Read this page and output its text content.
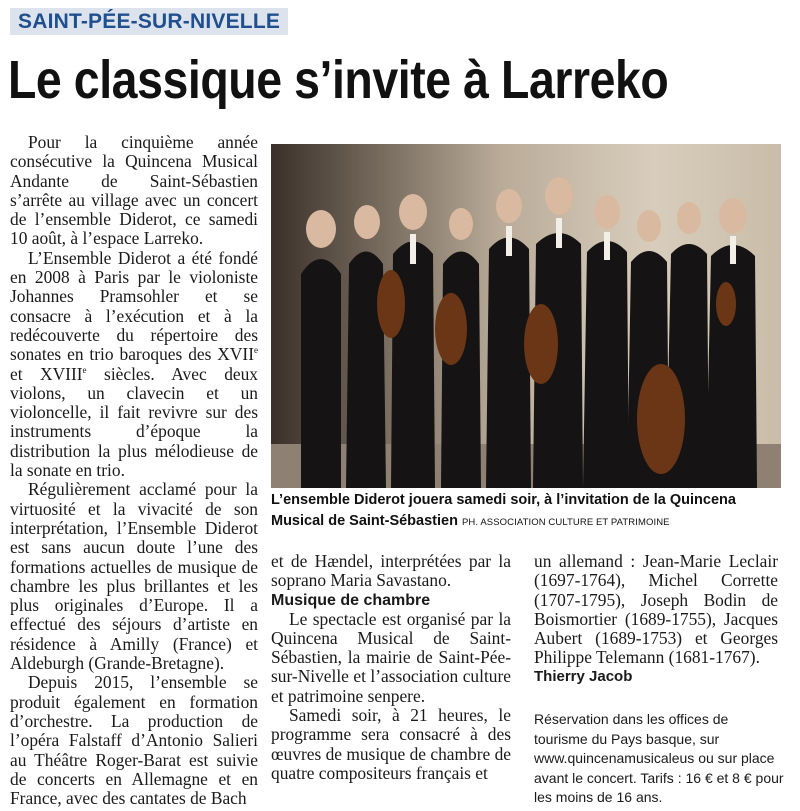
SAINT-PÉE-SUR-NIVELLE
Le classique s’invite à Larreko

Pour la cinquième année consécutive la Quincena Musical Andante de Saint-Sébastien s’arrête au village avec un concert de l’ensemble Diderot, ce samedi 10 août, à l’espace Larreko.

L’Ensemble Diderot a été fondé en 2008 à Paris par le violoniste Johannes Pramsohler et se consacre à l’exécution et à la redécouverte du répertoire des sonates en trio baroques des XVIIe et XVIIIe siècles. Avec deux violons, un clavecin et un violoncelle, il fait revivre sur des instruments d’époque la distribution la plus mélodieuse de la sonate en trio.

Régulièrement acclamé pour la virtuosité et la vivacité de son interprétation, l’Ensemble Diderot est sans aucun doute l’une des formations actuelles de musique de chambre les plus brillantes et les plus originales d’Europe. Il a effectué des séjours d’artiste en résidence à Amilly (France) et Aldeburgh (Grande-Bretagne).

Depuis 2015, l’ensemble se produit également en formation d’orchestre. La production de l’opéra Falstaff d’Antonio Salieri au Théâtre Roger-Barat est suivie de concerts en Allemagne et en France, avec des cantates de Bach

L’ensemble Diderot jouera samedi soir, à l’invitation de la Quincena Musical de Saint-Sébastien PH. ASSOCIATION CULTURE ET PATRIMOINE

et de Hændel, interprétées par la soprano Maria Savastano.

Musique de chambre

Le spectacle est organisé par la Quincena Musical de Saint-Sébastien, la mairie de Saint-Pée-sur-Nivelle et l’association culture et patrimoine senpere.

Samedi soir, à 21 heures, le programme sera consacré à des œuvres de musique de chambre de quatre compositeurs français et

un allemand : Jean-Marie Leclair (1697-1764), Michel Corrette (1707-1795), Joseph Bodin de Boismortier (1689-1755), Jacques Aubert (1689-1753) et Georges Philippe Telemann (1681-1767).

Thierry Jacob

Réservation dans les offices de tourisme du Pays basque, sur www.quincenamusicaleus ou sur place avant le concert. Tarifs : 16 € et 8 € pour les moins de 16 ans.
